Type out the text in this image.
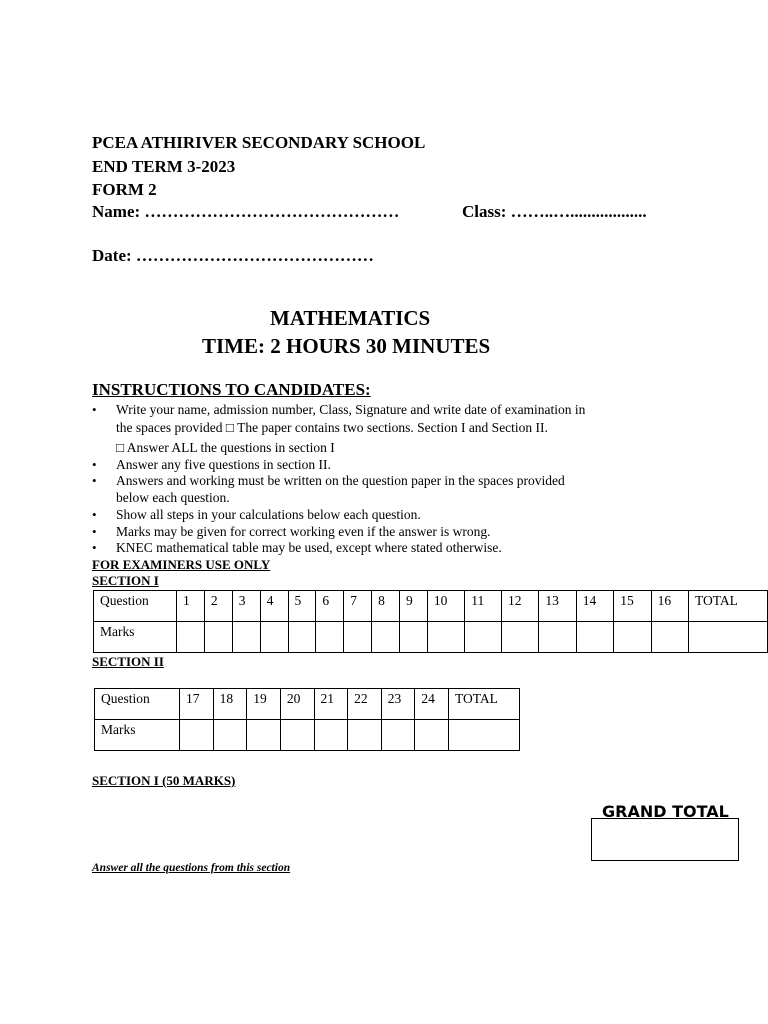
PCEA ATHIRIVER SECONDARY SCHOOL
END TERM 3-2023
FORM 2
Name: ………………………………………	Class: ……..…..................
Date: ……………………………………
MATHEMATICS
TIME: 2 HOURS 30 MINUTES
INSTRUCTIONS TO CANDIDATES:
• Write your name, admission number, Class, Signature and write date of examination in
the spaces provided □ The paper contains two sections. Section I and Section II.
□ Answer ALL the questions in section I
• Answer any five questions in section II.
• Answers and working must be written on the question paper in the spaces provided
below each question.
• Show all steps in your calculations below each question.
• Marks may be given for correct working even if the answer is wrong.
• KNEC mathematical table may be used, except where stated otherwise.
FOR EXAMINERS USE ONLY
SECTION I
Question	1	2	3	4	5	6	7	8	9	10	11	12	13	14	15	16	TOTAL
Marks																	
SECTION II
Question	17	18	19	20	21	22	23	24	TOTAL
Marks									
SECTION I (50 MARKS)
GRAND TOTAL
Answer all the questions from this section
